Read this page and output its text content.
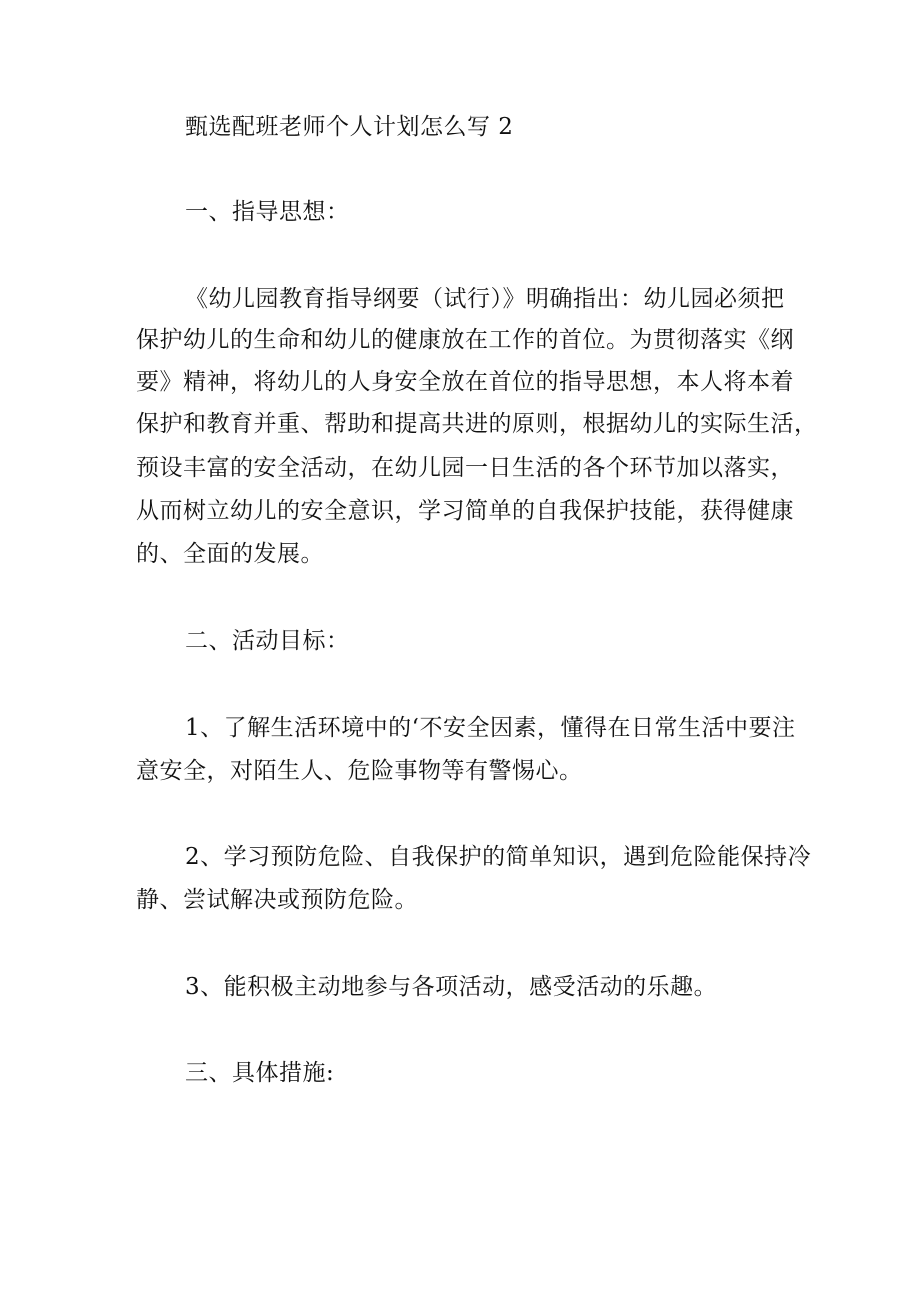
甄选配班老师个人计划怎么写 2
一、指导思想：
《幼儿园教育指导纲要（试行）》明确指出：幼儿园必须把
保护幼儿的生命和幼儿的健康放在工作的首位。为贯彻落实《纲
要》精神，将幼儿的人身安全放在首位的指导思想，本人将本着
保护和教育并重、帮助和提高共进的原则，根据幼儿的实际生活，
预设丰富的安全活动，在幼儿园一日生活的各个环节加以落实，
从而树立幼儿的安全意识，学习简单的自我保护技能，获得健康
的、全面的发展。
二、活动目标：
1、了解生活环境中的‘不安全因素，懂得在日常生活中要注
意安全，对陌生人、危险事物等有警惕心。
2、学习预防危险、自我保护的简单知识，遇到危险能保持冷
静、尝试解决或预防危险。
3、能积极主动地参与各项活动，感受活动的乐趣。
三、具体措施:
